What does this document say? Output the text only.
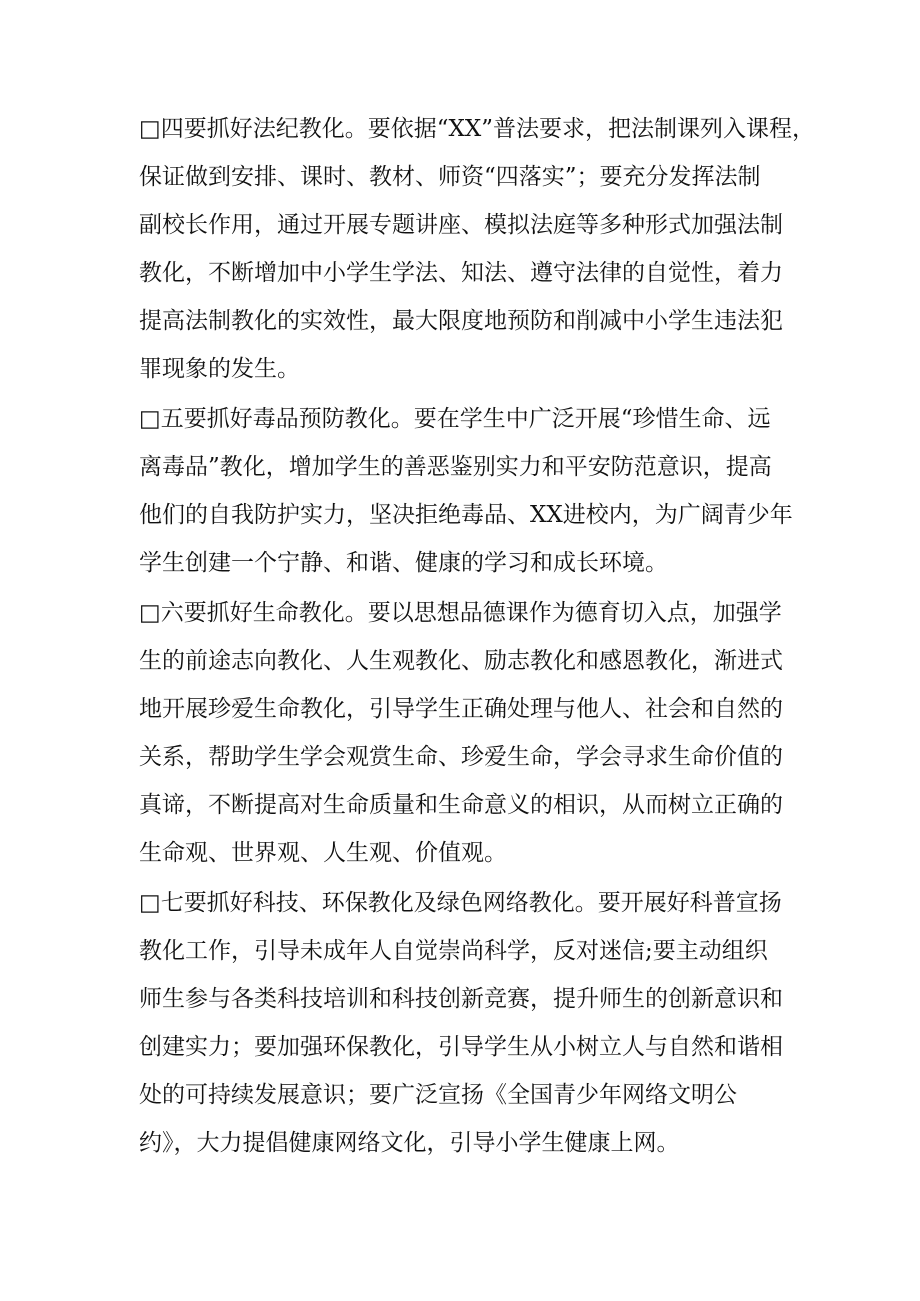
□四要抓好法纪教化。要依据“XX”普法要求，把法制课列入课程，

保证做到安排、课时、教材、师资“四落实”；要充分发挥法制

副校长作用，通过开展专题讲座、模拟法庭等多种形式加强法制

教化，不断增加中小学生学法、知法、遵守法律的自觉性，着力

提高法制教化的实效性，最大限度地预防和削减中小学生违法犯

罪现象的发生。

□五要抓好毒品预防教化。要在学生中广泛开展“珍惜生命、远

离毒品”教化，增加学生的善恶鉴别实力和平安防范意识，提高

他们的自我防护实力，坚决拒绝毒品、XX进校内，为广阔青少年

学生创建一个宁静、和谐、健康的学习和成长环境。

□六要抓好生命教化。要以思想品德课作为德育切入点，加强学

生的前途志向教化、人生观教化、励志教化和感恩教化，渐进式

地开展珍爱生命教化，引导学生正确处理与他人、社会和自然的

关系，帮助学生学会观赏生命、珍爱生命，学会寻求生命价值的

真谛，不断提高对生命质量和生命意义的相识，从而树立正确的

生命观、世界观、人生观、价值观。

□七要抓好科技、环保教化及绿色网络教化。要开展好科普宣扬

教化工作，引导未成年人自觉崇尚科学，反对迷信;要主动组织

师生参与各类科技培训和科技创新竞赛，提升师生的创新意识和

创建实力；要加强环保教化，引导学生从小树立人与自然和谐相

处的可持续发展意识；要广泛宣扬《全国青少年网络文明公

约》，大力提倡健康网络文化，引导小学生健康上网。
